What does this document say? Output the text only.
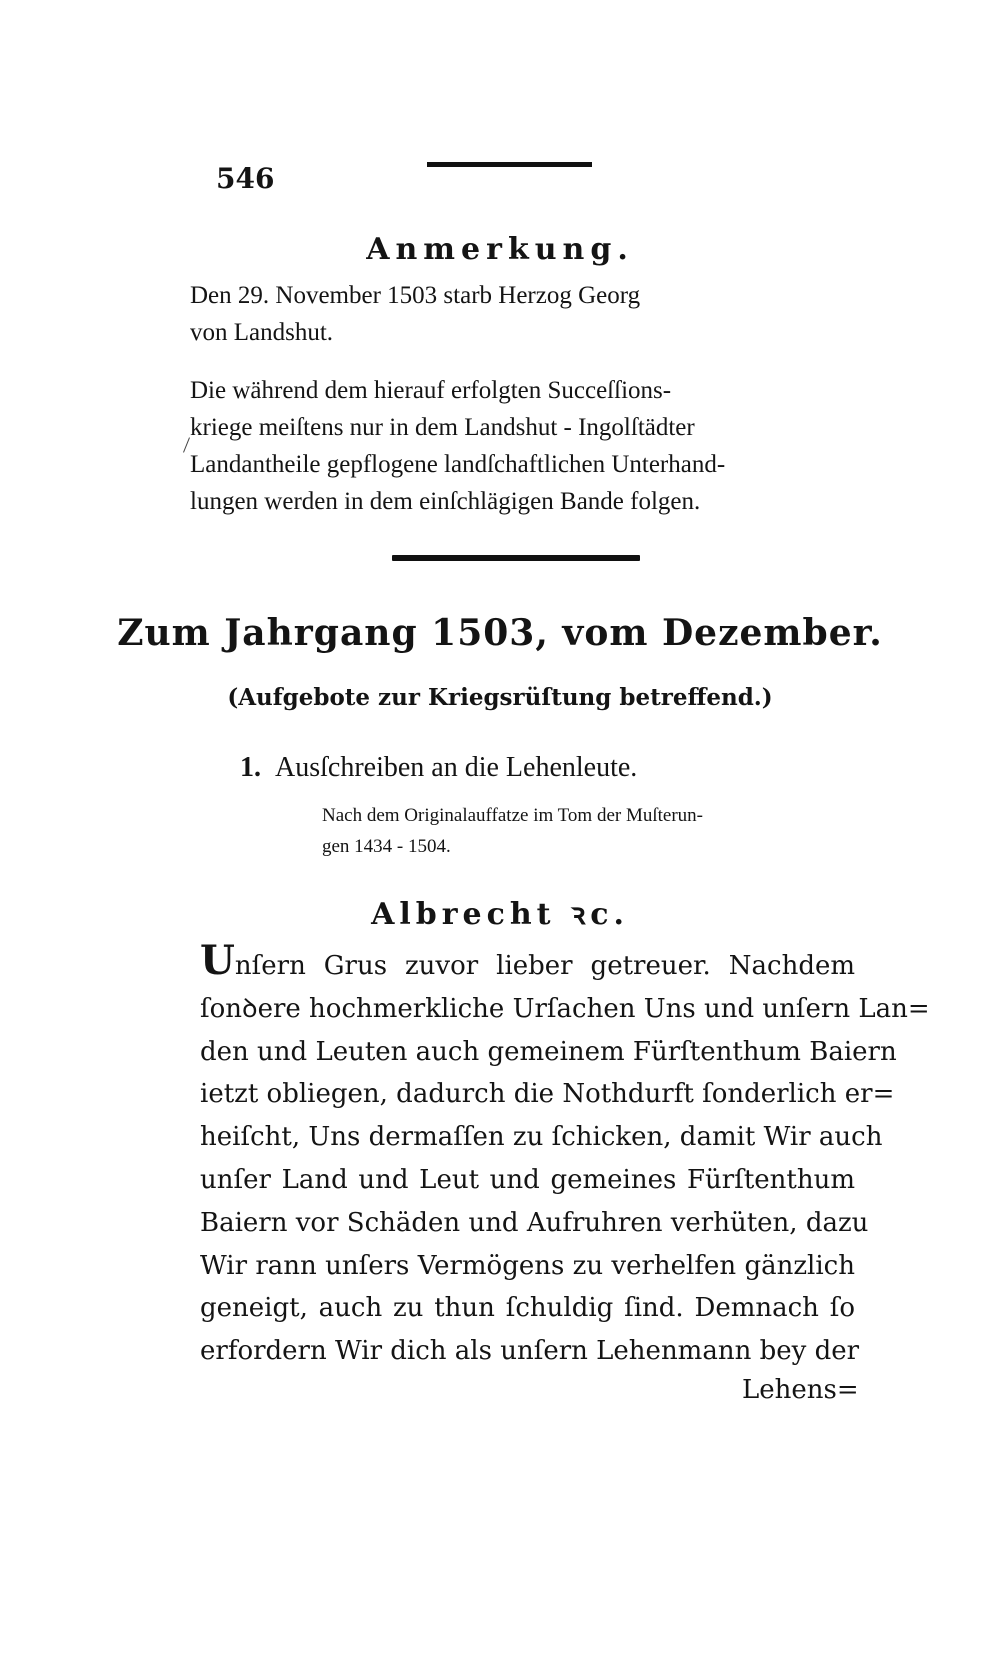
546
Anmerkung.
Den 29. November 1503 starb Herzog Georg
von Landshut.
Die während dem hierauf erfolgten Succeſſions-
kriege meiſtens nur in dem Landshut - Ingolſtädter
Landantheile gepflogene landſchaftlichen Unterhand-
lungen werden in dem einſchlägigen Bande folgen.
Zum Jahrgang 1503, vom Dezember.
(Aufgebote zur Kriegsrüſtung betreffend.)
1. Ausſchreiben an die Lehenleute.
Nach dem Originalauffatze im Tom der Muſterun-
gen 1434 - 1504.
Albrecht ꝛc.
Unſern Grus zuvor lieber getreuer. Nachdem
ſonꝺere hochmerkliche Urſachen Uns und unſern Lan=
den und Leuten auch gemeinem Fürſtenthum Baiern
ietzt obliegen, dadurch die Nothdurft ſonderlich er=
heiſcht, Uns dermaſſen zu ſchicken, damit Wir auch
unſer Land und Leut und gemeines Fürſtenthum
Baiern vor Schäden und Aufruhren verhüten, dazu
Wir rann unſers Vermögens zu verhelfen gänzlich
geneigt, auch zu thun ſchuldig ſind. Demnach ſo
erfordern Wir dich als unſern Lehenmann bey der
Lehens=
